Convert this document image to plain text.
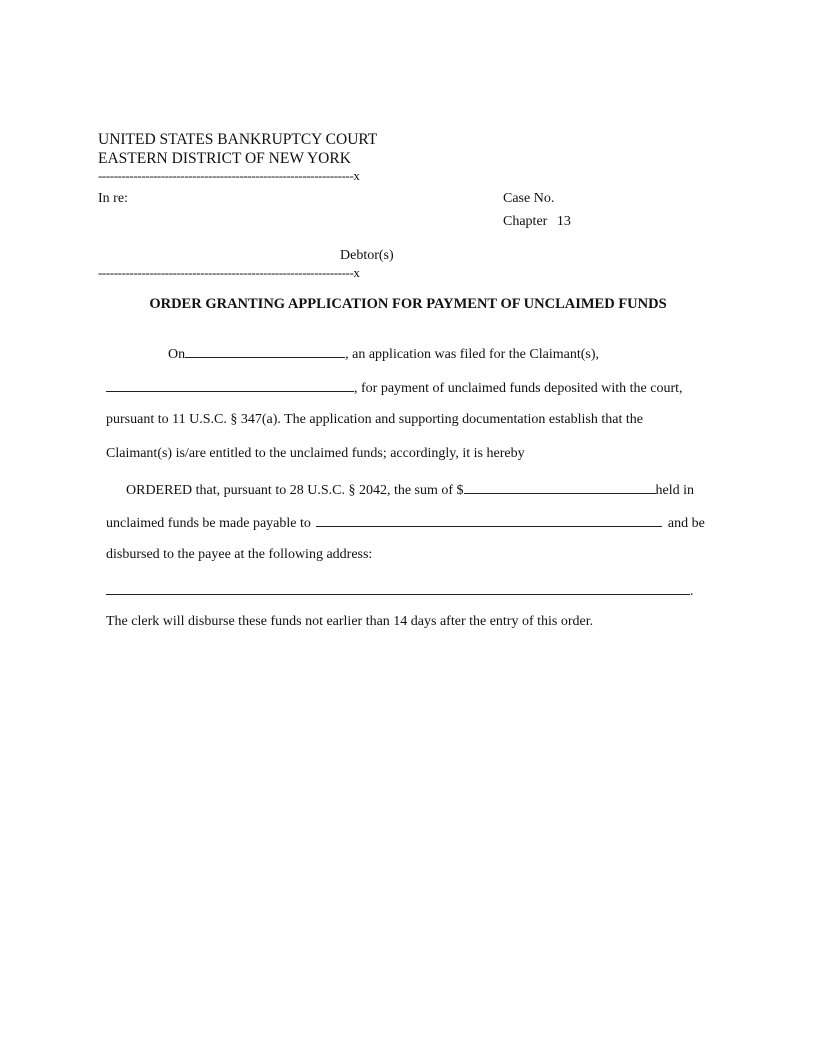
UNITED STATES BANKRUPTCY COURT
EASTERN DISTRICT OF NEW YORK
-----------------------------------------------------------------x
In re:	Case No.
Chapter 13
Debtor(s)
-----------------------------------------------------------------x
ORDER GRANTING APPLICATION FOR PAYMENT OF UNCLAIMED FUNDS
On	, an application was filed for the Claimant(s),
, for payment of unclaimed funds deposited with the court,
pursuant to 11 U.S.C. § 347(a). The application and supporting documentation establish that the
Claimant(s) is/are entitled to the unclaimed funds; accordingly, it is hereby
ORDERED that, pursuant to 28 U.S.C. § 2042, the sum of $	held in
unclaimed funds be made payable to	and be
disbursed to the payee at the following address:
.
The clerk will disburse these funds not earlier than 14 days after the entry of this order.
